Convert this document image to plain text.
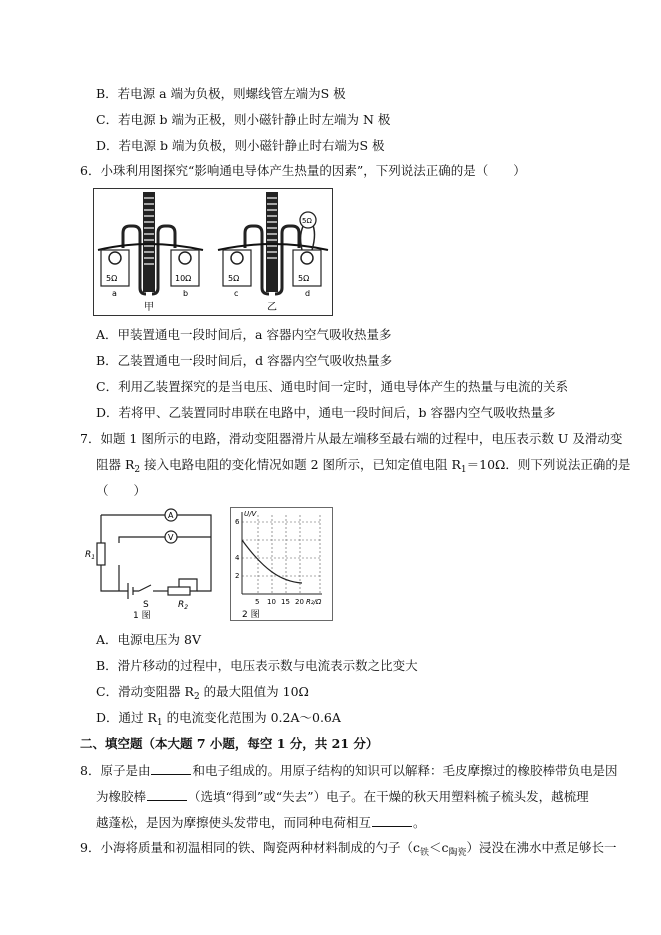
B．若电源 a 端为负极，则螺线管左端为S 极
C．若电源 b 端为正极，则小磁针静止时左端为 N 极
D．若电源 b 端为负极，则小磁针静止时右端为S 极
6．小珠利用图探究“影响通电导体产生热量的因素”，下列说法正确的是（　　）
5Ω	10Ω
a	b
甲
5Ω
5Ω	5Ω
c	d
乙
A．甲装置通电一段时间后，a 容器内空气吸收热量多
B．乙装置通电一段时间后，d 容器内空气吸收热量多
C．利用乙装置探究的是当电压、通电时间一定时，通电导体产生的热量与电流的关系
D．若将甲、乙装置同时串联在电路中，通电一段时间后，b 容器内空气吸收热量多
7．如题 1 图所示的电路，滑动变阻器滑片从最左端移至最右端的过程中，电压表示数 U 及滑动变
阻器 $R_2$ 接入电路电阻的变化情况如题 2 图所示，已知定值电阻 $R_1=10\Omega$．则下列说法正确的是
（　　）
A
V
$R_1$
S	$R_2$
1 图
U/V
6
4
2
5 10 15 20 R₂/Ω
2 图
A．电源电压为 8V
B．滑片移动的过程中，电压表示数与电流表示数之比变大
C．滑动变阻器 $R_2$ 的最大阻值为 10Ω
D．通过 $R_1$ 的电流变化范围为 0.2A～0.6A
二、填空题（本大题 7 小题，每空 1 分，共 21 分）
8．原子是由	和电子组成的。用原子结构的知识可以解释：毛皮摩擦过的橡胶棒带负电是因
为橡胶棒	（选填“得到”或“失去”）电子。在干燥的秋天用塑料梳子梳头发，越梳理
越蓬松，是因为摩擦使头发带电，而同种电荷相互	。
9．小海将质量和初温相同的铁、陶瓷两种材料制成的勺子$(c_铁<c_{陶瓷})$浸没在沸水中煮足够长一
